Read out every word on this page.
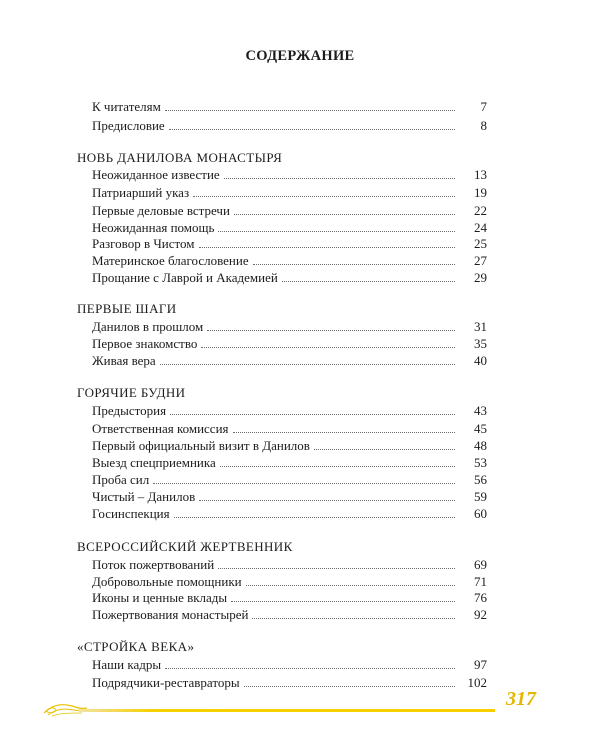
СОДЕРЖАНИЕ
К читателям	7
Предисловие	8
НОВЬ ДАНИЛОВА МОНАСТЫРЯ
Неожиданное известие	13
Патриарший указ	19
Первые деловые встречи	22
Неожиданная помощь	24
Разговор в Чистом	25
Материнское благословение	27
Прощание с Лаврой и Академией	29
ПЕРВЫЕ ШАГИ
Данилов в прошлом	31
Первое знакомство	35
Живая вера	40
ГОРЯЧИЕ БУДНИ
Предыстория	43
Ответственная комиссия	45
Первый официальный визит в Данилов	48
Выезд спецприемника	53
Проба сил	56
Чистый – Данилов	59
Госинспекция	60
ВСЕРОССИЙСКИЙ ЖЕРТВЕННИК
Поток пожертвований	69
Добровольные помощники	71
Иконы и ценные вклады	76
Пожертвования монастырей	92
«СТРОЙКА ВЕКА»
Наши кадры	97
Подрядчики-реставраторы	102
317
